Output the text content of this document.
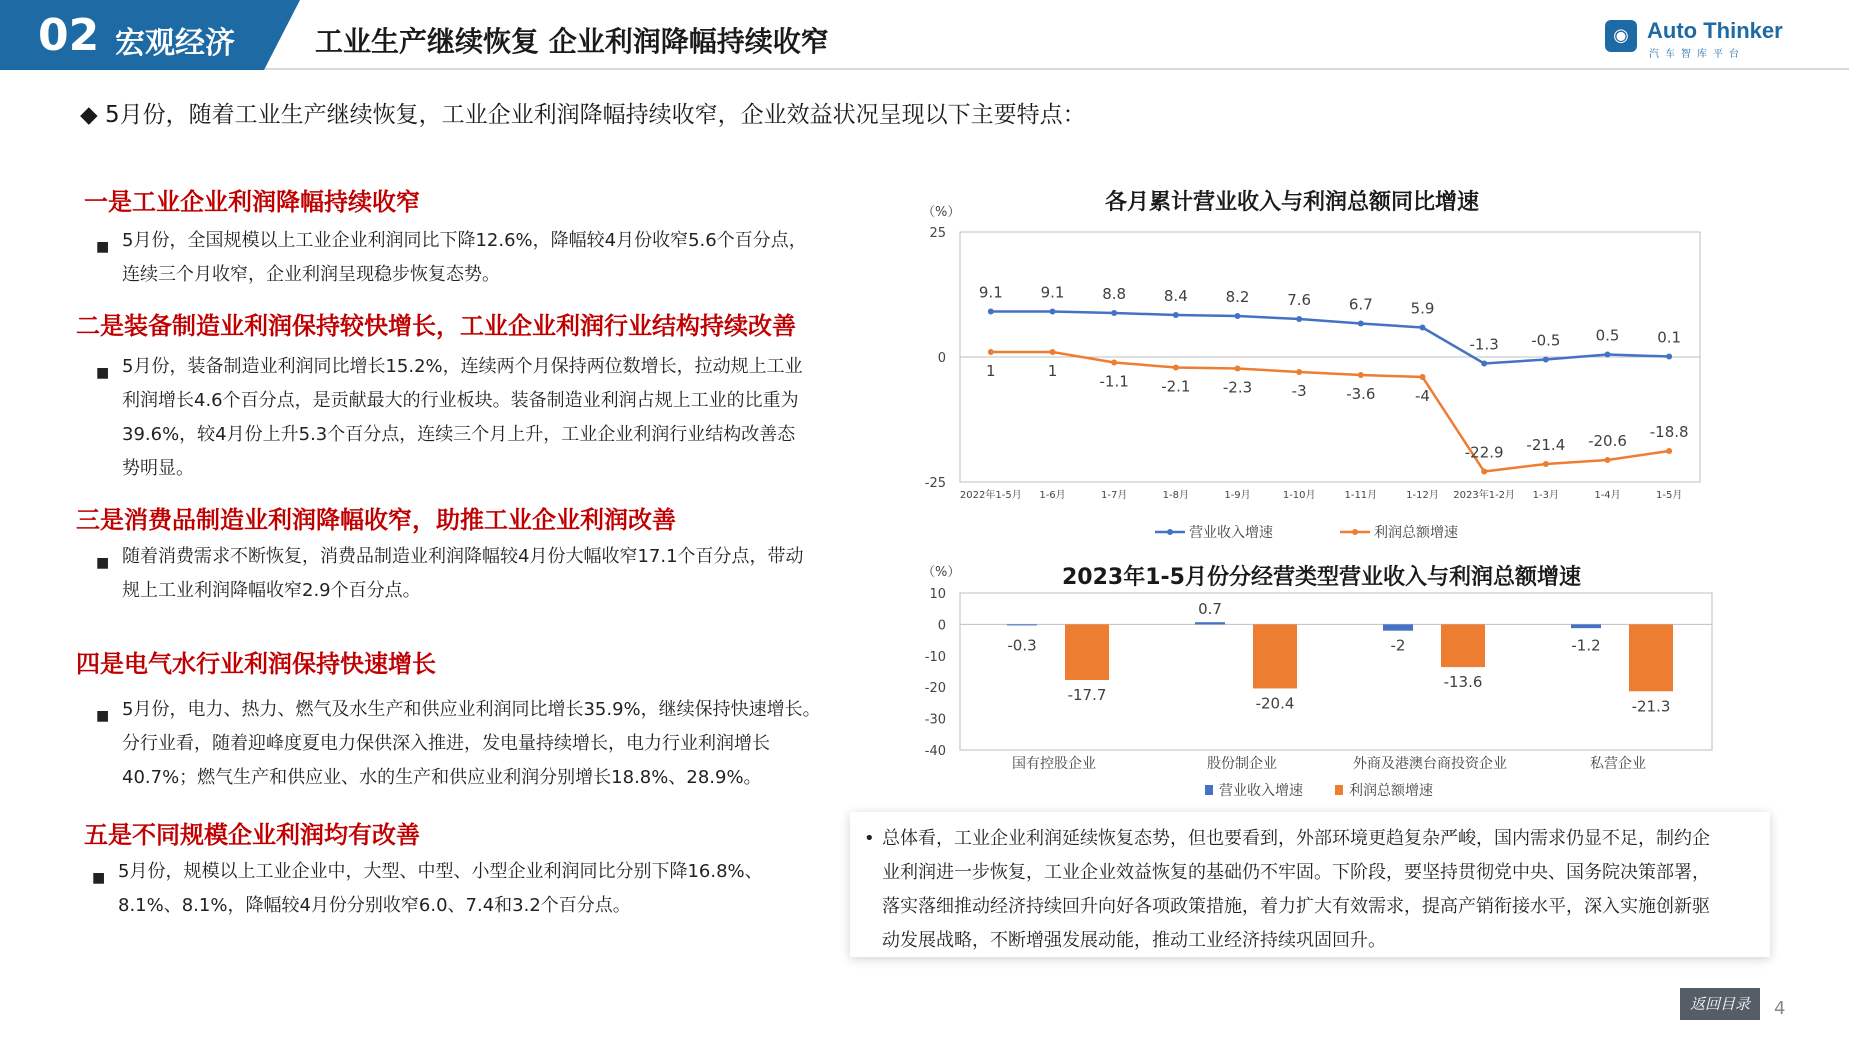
02 宏观经济	工业生产继续恢复 企业利润降幅持续收窄	◉ Auto Thinker
汽车智库平台
◆ 5月份，随着工业生产继续恢复，工业企业利润降幅持续收窄，企业效益状况呈现以下主要特点：
一是工业企业利润降幅持续收窄
■ 5月份，全国规模以上工业企业利润同比下降12.6%，降幅较4月份收窄5.6个百分点，
连续三个月收窄，企业利润呈现稳步恢复态势。
二是装备制造业利润保持较快增长，工业企业利润行业结构持续改善
■ 5月份，装备制造业利润同比增长15.2%，连续两个月保持两位数增长，拉动规上工业
利润增长4.6个百分点，是贡献最大的行业板块。装备制造业利润占规上工业的比重为
39.6%，较4月份上升5.3个百分点，连续三个月上升，工业企业利润行业结构改善态
势明显。
三是消费品制造业利润降幅收窄，助推工业企业利润改善
■ 随着消费需求不断恢复，消费品制造业利润降幅较4月份大幅收窄17.1个百分点，带动
规上工业利润降幅收窄2.9个百分点。
四是电气水行业利润保持快速增长
■ 5月份，电力、热力、燃气及水生产和供应业利润同比增长35.9%，继续保持快速增长。
分行业看，随着迎峰度夏电力保供深入推进，发电量持续增长，电力行业利润增长
40.7%；燃气生产和供应业、水的生产和供应业利润分别增长18.8%、28.9%。
五是不同规模企业利润均有改善
■ 5月份，规模以上工业企业中，大型、中型、小型企业利润同比分别下降16.8%、
8.1%、8.1%，降幅较4月份分别收窄6.0、7.4和3.2个百分点。
各月累计营业收入与利润总额同比增速
（%）
25
0
-25
2022年1-5月 1-6月	1-7月	1-8月	1-9月	1-10月	1-11月	1-12月 2023年1-2月 1-3月	1-4月	1-5月
9.1	9.1	8.8	8.4	8.2	7.6	6.7	5.9
-1.3 -0.5 0.5	0.1
1	1
-1.1 -2.1 -2.3	-3	-3.6	-4
-22.9 -21.4 -20.6 -18.8
营业收入增速	利润总额增速
2023年1-5月份分经营类型营业收入与利润总额增速
（%）
10
0
-10
-20
-30
-40
国有控股企业
-0.3
-17.7
股份制企业
0.7
-20.4
外商及港澳台商投资企业
-2
-13.6
私营企业
-1.2
-21.3
营业收入增速	利润总额增速
• 总体看，工业企业利润延续恢复态势，但也要看到，外部环境更趋复杂严峻，国内需求仍显不足，制约企
业利润进一步恢复，工业企业效益恢复的基础仍不牢固。下阶段，要坚持贯彻党中央、国务院决策部署，
落实落细推动经济持续回升向好各项政策措施，着力扩大有效需求，提高产销衔接水平，深入实施创新驱
动发展战略，不断增强发展动能，推动工业经济持续巩固回升。
返回目录	4
